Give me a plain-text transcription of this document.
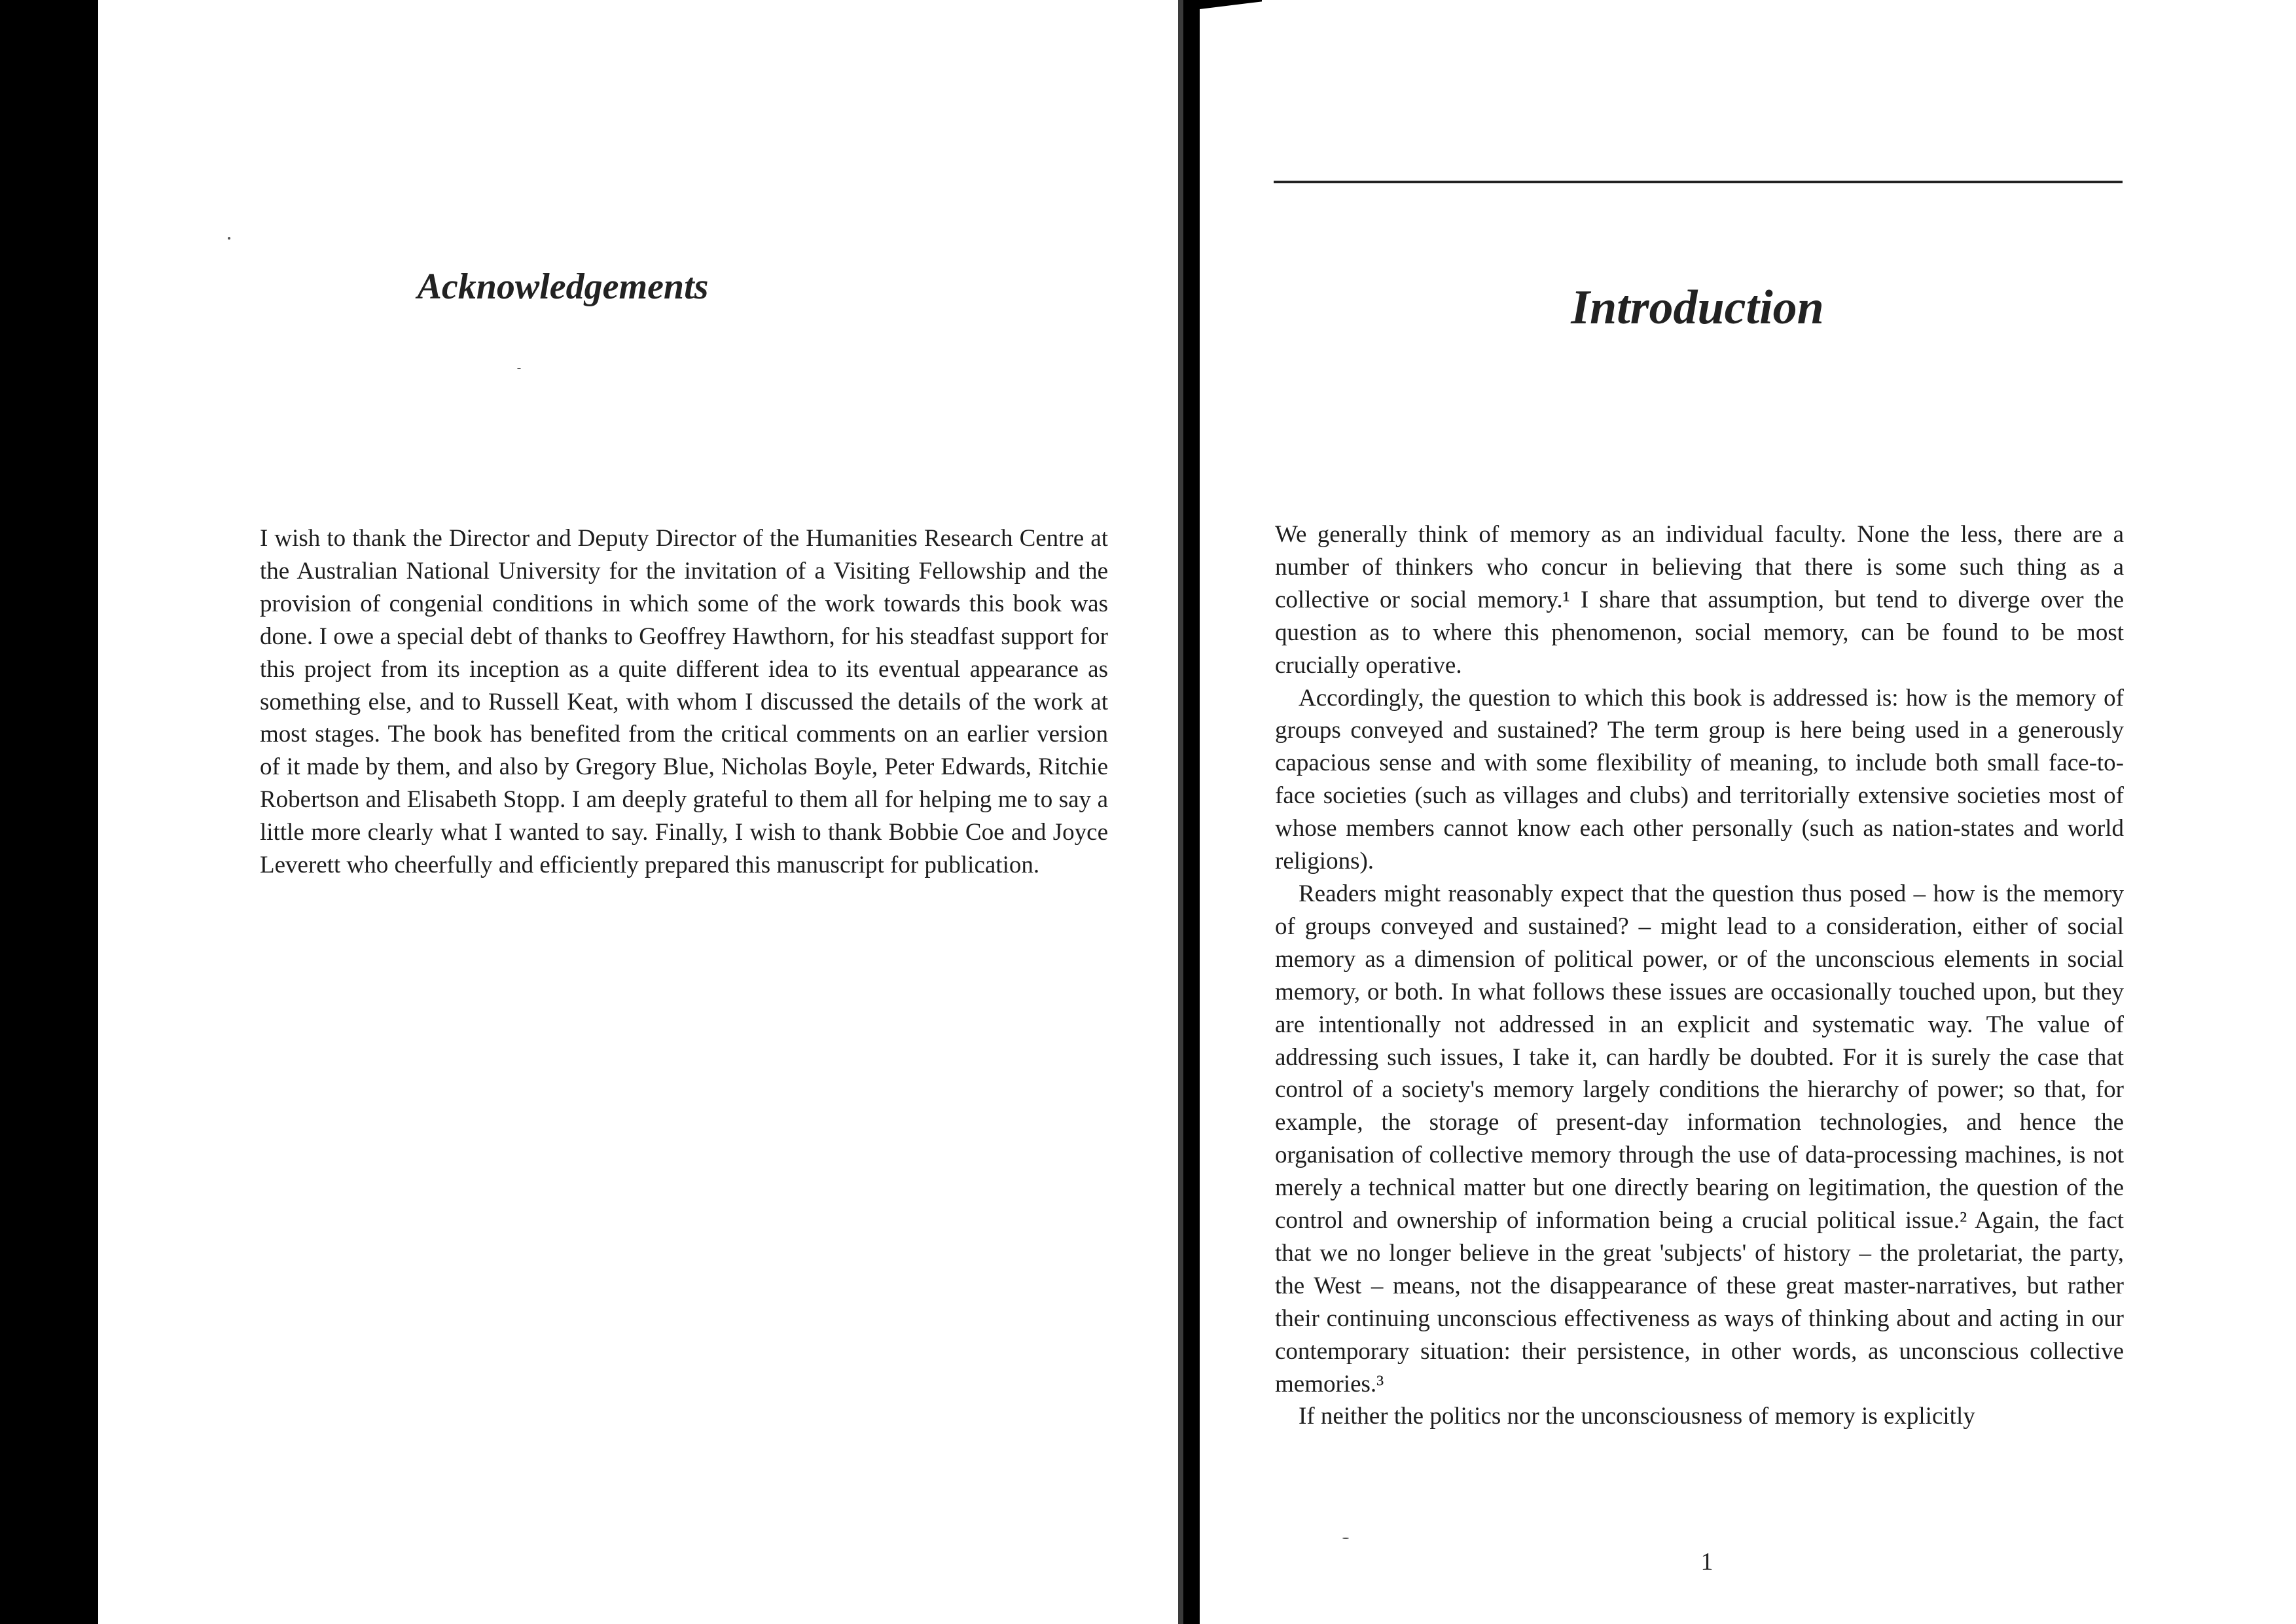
Acknowledgements

I wish to thank the Director and Deputy Director of the Humanities Research Centre at the Australian National University for the invitation of a Visiting Fellowship and the provision of congenial conditions in which some of the work towards this book was done. I owe a special debt of thanks to Geoffrey Hawthorn, for his steadfast support for this project from its inception as a quite different idea to its eventual appearance as something else, and to Russell Keat, with whom I discussed the details of the work at most stages. The book has benefited from the critical comments on an earlier version of it made by them, and also by Gregory Blue, Nicholas Boyle, Peter Edwards, Ritchie Robertson and Elisabeth Stopp. I am deeply grateful to them all for helping me to say a little more clearly what I wanted to say. Finally, I wish to thank Bobbie Coe and Joyce Leverett who cheerfully and efficiently prepared this manuscript for publication.

Introduction

We generally think of memory as an individual faculty. None the less, there are a number of thinkers who concur in believing that there is some such thing as a collective or social memory.¹ I share that assumption, but tend to diverge over the question as to where this phenomenon, social memory, can be found to be most crucially operative.

Accordingly, the question to which this book is addressed is: how is the memory of groups conveyed and sustained? The term group is here being used in a generously capacious sense and with some flexibility of meaning, to include both small face-to-face societies (such as villages and clubs) and territorially extensive societies most of whose members cannot know each other personally (such as nation-states and world religions).

Readers might reasonably expect that the question thus posed – how is the memory of groups conveyed and sustained? – might lead to a consideration, either of social memory as a dimension of political power, or of the unconscious elements in social memory, or both. In what follows these issues are occasionally touched upon, but they are intentionally not addressed in an explicit and systematic way. The value of addressing such issues, I take it, can hardly be doubted. For it is surely the case that control of a society's memory largely conditions the hierarchy of power; so that, for example, the storage of present-day information technologies, and hence the organisation of collective memory through the use of data-processing machines, is not merely a technical matter but one directly bearing on legitimation, the question of the control and ownership of information being a crucial political issue.² Again, the fact that we no longer believe in the great 'subjects' of history – the proletariat, the party, the West – means, not the disappearance of these great master-narratives, but rather their continuing unconscious effectiveness as ways of thinking about and acting in our contemporary situation: their persistence, in other words, as unconscious collective memories.³

If neither the politics nor the unconsciousness of memory is explicitly

1
